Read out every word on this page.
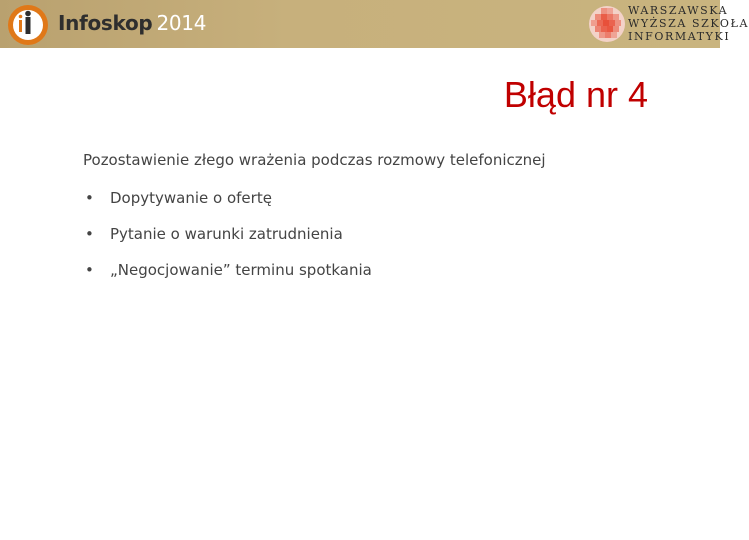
Infoskop 2014
WARSZAWSKA
WYŻSZA SZKOŁA
INFORMATYKI
Błąd nr 4
Pozostawienie złego wrażenia podczas rozmowy telefonicznej
• Dopytywanie o ofertę
• Pytanie o warunki zatrudnienia
• „Negocjowanie” terminu spotkania
